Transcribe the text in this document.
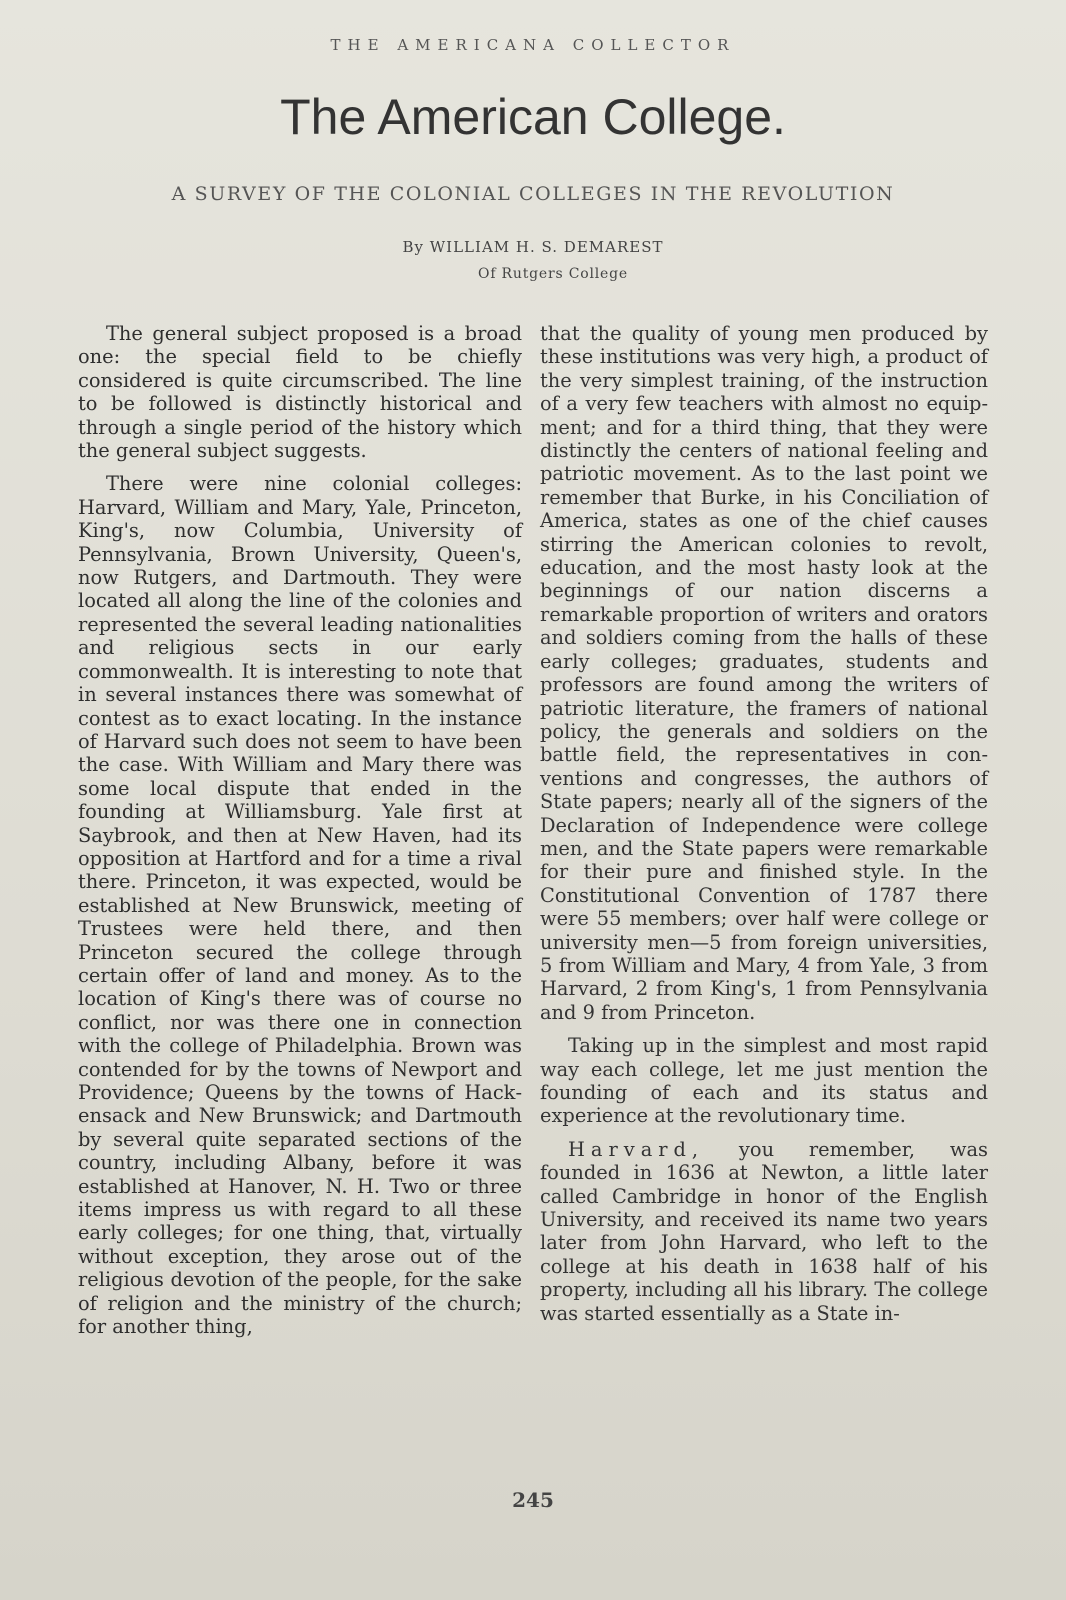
THE AMERICANA COLLECTOR
The American College.
A SURVEY OF THE COLONIAL COLLEGES IN THE REVOLUTION
By WILLIAM H. S. DEMAREST
Of Rutgers College

The general subject proposed is a broad one: the special field to be chiefly considered is quite circumscribed. The line to be followed is distinctly historical and through a single period of the history which the general subject suggests.

There were nine colonial colleges: Harvard, William and Mary, Yale, Princeton, King's, now Columbia, University of Pennsylvania, Brown University, Queen's, now Rutgers, and Dartmouth. They were located all along the line of the colonies and represented the several leading nationalities and religious sects in our early commonwealth. It is interesting to note that in several instances there was somewhat of contest as to exact locating. In the instance of Harvard such does not seem to have been the case. With William and Mary there was some local dispute that ended in the founding at Williamsburg. Yale first at Saybrook, and then at New Haven, had its opposition at Hartford and for a time a rival there. Princeton, it was expected, would be established at New Brunswick, meeting of Trustees were held there, and then Princeton secured the college through certain offer of land and money. As to the location of King's there was of course no conflict, nor was there one in connection with the college of Philadelphia. Brown was contended for by the towns of Newport and Providence; Queens by the towns of Hackensack and New Brunswick; and Dartmouth by several quite separated sections of the country, including Albany, before it was established at Hanover, N. H. Two or three items impress us with regard to all these early colleges; for one thing, that, virtually without exception, they arose out of the religious devotion of the people, for the sake of religion and the ministry of the church; for another thing,

that the quality of young men produced by these institutions was very high, a product of the very simplest training, of the instruction of a very few teachers with almost no equipment; and for a third thing, that they were distinctly the centers of national feeling and patriotic movement. As to the last point we remember that Burke, in his Conciliation of America, states as one of the chief causes stirring the American colonies to revolt, education, and the most hasty look at the beginnings of our nation discerns a remarkable proportion of writers and orators and soldiers coming from the halls of these early colleges; graduates, students and professors are found among the writers of patriotic literature, the framers of national policy, the generals and soldiers on the battle field, the representatives in conventions and congresses, the authors of State papers; nearly all of the signers of the Declaration of Independence were college men, and the State papers were remarkable for their pure and finished style. In the Constitutional Convention of 1787 there were 55 members; over half were college or university men—5 from foreign universities, 5 from William and Mary, 4 from Yale, 3 from Harvard, 2 from King's, 1 from Pennsylvania and 9 from Princeton.

Taking up in the simplest and most rapid way each college, let me just mention the founding of each and its status and experience at the revolutionary time.

Harvard, you remember, was founded in 1636 at Newton, a little later called Cambridge in honor of the English University, and received its name two years later from John Harvard, who left to the college at his death in 1638 half of his property, including all his library. The college was started essentially as a State in-

245
